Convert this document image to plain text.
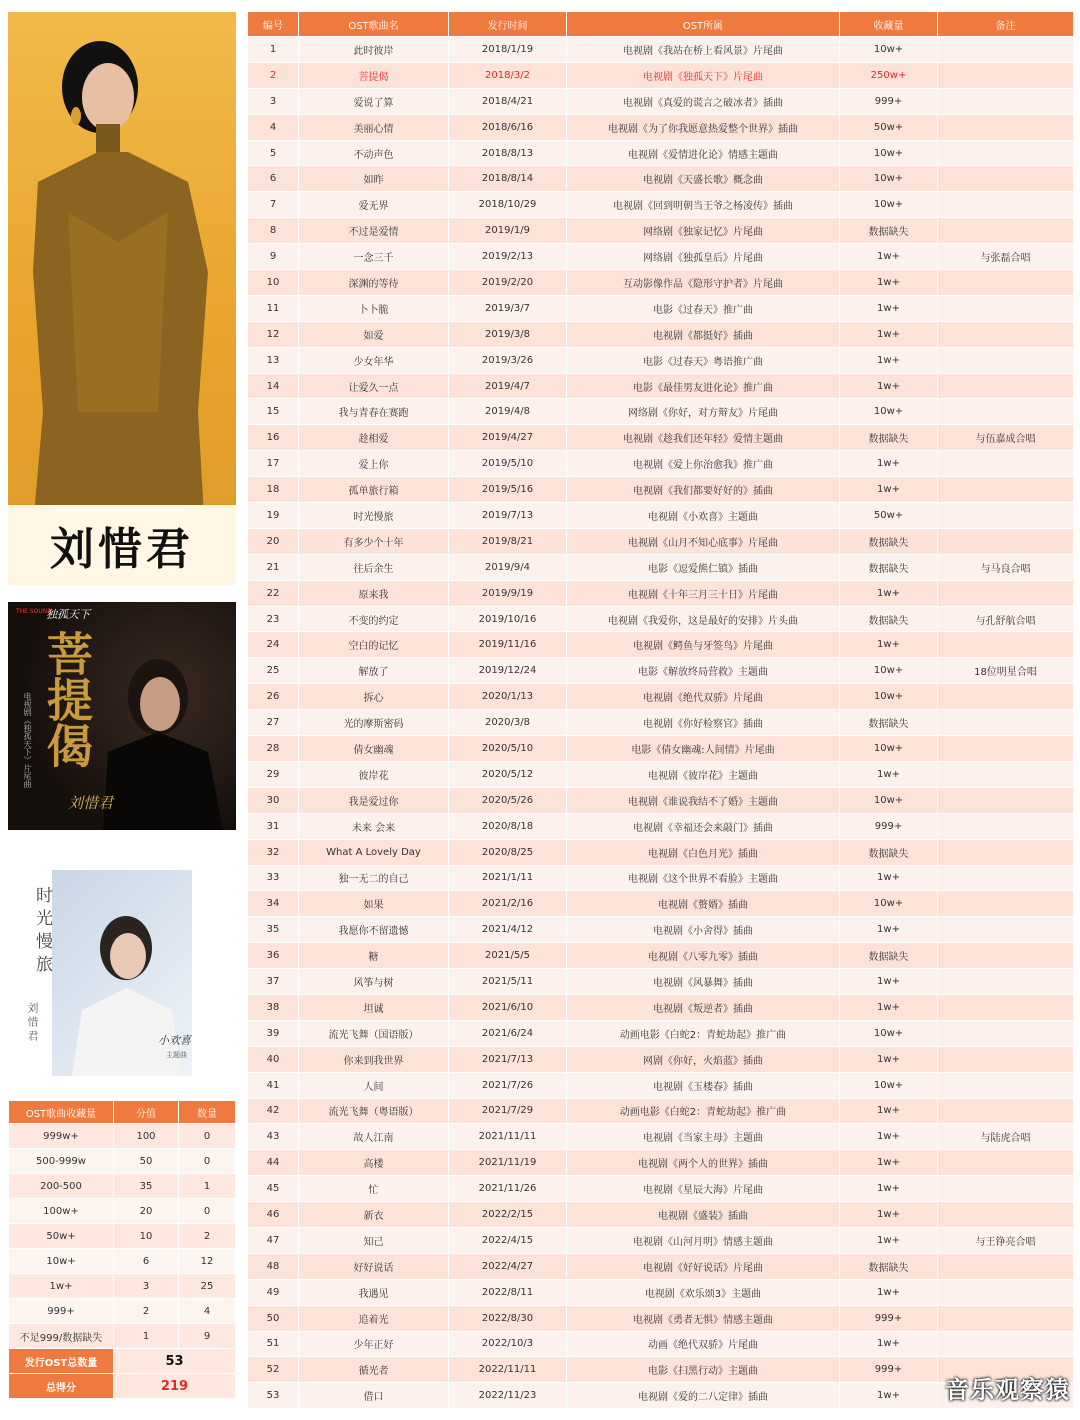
刘惜君
THE SOUND
独孤天下
菩提偈
电视剧《独孤天下》片尾曲
刘惜君
时光慢旅
刘惜君	小欢喜
主题曲
OST歌曲收藏量	分值	数量
999w+	100	0
500-999w	50	0
200-500	35	1
100w+	20	0
50w+	10	2
10w+	6	12
1w+	3	25
999+	2	4
不足999/数据缺失	1	9
发行OST总数量	53	
总得分	219	
编号	OST歌曲名	发行时间	OST所属	收藏量	备注
1	此时彼岸	2018/1/19	电视剧《我站在桥上看风景》片尾曲	10w+	
2	菩提偈	2018/3/2	电视剧《独孤天下》片尾曲	250w+	
3	爱说了算	2018/4/21	电视剧《真爱的谎言之破冰者》插曲	999+	
4	美丽心情	2018/6/16	电视剧《为了你我愿意热爱整个世界》插曲	50w+	
5	不动声色	2018/8/13	电视剧《爱情进化论》情感主题曲	10w+	
6	如昨	2018/8/14	电视剧《天盛长歌》概念曲	10w+	
7	爱无界	2018/10/29	电视剧《回到明朝当王爷之杨凌传》插曲	10w+	
8	不过是爱情	2019/1/9	网络剧《独家记忆》片尾曲	数据缺失	
9	一念三千	2019/2/13	网络剧《独孤皇后》片尾曲	1w+	与张磊合唱
10	深渊的等待	2019/2/20	互动影像作品《隐形守护者》片尾曲	1w+	
11	卜卜脆	2019/3/7	电影《过春天》推广曲	1w+	
12	如爱	2019/3/8	电视剧《都挺好》插曲	1w+	
13	少女年华	2019/3/26	电影《过春天》粤语推广曲	1w+	
14	让爱久一点	2019/4/7	电影《最佳男友进化论》推广曲	1w+	
15	我与青春在赛跑	2019/4/8	网络剧《你好，对方辩友》片尾曲	10w+	
16	趁相爱	2019/4/27	电视剧《趁我们还年轻》爱情主题曲	数据缺失	与伍嘉成合唱
17	爱上你	2019/5/10	电视剧《爱上你治愈我》推广曲	1w+	
18	孤单旅行箱	2019/5/16	电视剧《我们都要好好的》插曲	1w+	
19	时光慢旅	2019/7/13	电视剧《小欢喜》主题曲	50w+	
20	有多少个十年	2019/8/21	电视剧《山月不知心底事》片尾曲	数据缺失	
21	往后余生	2019/9/4	电影《逗爱熊仁镇》插曲	数据缺失	与马良合唱
22	原来我	2019/9/19	电视剧《十年三月三十日》片尾曲	1w+	
23	不变的约定	2019/10/16	电视剧《我爱你，这是最好的安排》片头曲	数据缺失	与孔舒航合唱
24	空白的记忆	2019/11/16	电视剧《鳄鱼与牙签鸟》片尾曲	1w+	
25	解放了	2019/12/24	电影《解放终局营救》主题曲	10w+	18位明星合唱
26	拆心	2020/1/13	电视剧《绝代双骄》片尾曲	10w+	
27	光的摩斯密码	2020/3/8	电视剧《你好检察官》插曲	数据缺失	
28	倩女幽魂	2020/5/10	电影《倩女幽魂:人间情》片尾曲	10w+	
29	彼岸花	2020/5/12	电视剧《彼岸花》主题曲	1w+	
30	我是爱过你	2020/5/26	电视剧《谁说我结不了婚》主题曲	10w+	
31	未来 会来	2020/8/18	电视剧《幸福还会来敲门》插曲	999+	
32	What A Lovely Day	2020/8/25	电视剧《白色月光》插曲	数据缺失	
33	独一无二的自己	2021/1/11	电视剧《这个世界不看脸》主题曲	1w+	
34	如果	2021/2/16	电视剧《赘婿》插曲	10w+	
35	我愿你不留遗憾	2021/4/12	电视剧《小舍得》插曲	1w+	
36	糖	2021/5/5	电视剧《八零九零》插曲	数据缺失	
37	风筝与树	2021/5/11	电视剧《风暴舞》插曲	1w+	
38	坦诚	2021/6/10	电视剧《叛逆者》插曲	1w+	
39	流光飞舞（国语版）	2021/6/24	动画电影《白蛇2：青蛇劫起》推广曲	10w+	
40	你来到我世界	2021/7/13	网剧《你好，火焰蓝》插曲	1w+	
41	人间	2021/7/26	电视剧《玉楼春》插曲	10w+	
42	流光飞舞（粤语版）	2021/7/29	动画电影《白蛇2：青蛇劫起》推广曲	1w+	
43	故人江南	2021/11/11	电视剧《当家主母》主题曲	1w+	与陆虎合唱
44	高楼	2021/11/19	电视剧《两个人的世界》插曲	1w+	
45	忙	2021/11/26	电视剧《星辰大海》片尾曲	1w+	
46	新衣	2022/2/15	电视剧《盛装》插曲	1w+	
47	知己	2022/4/15	电视剧《山河月明》情感主题曲	1w+	与王铮亮合唱
48	好好说话	2022/4/27	电视剧《好好说话》片尾曲	数据缺失	
49	我遇见	2022/8/11	电视剧《欢乐颂3》主题曲	1w+	
50	追着光	2022/8/30	电视剧《勇者无惧》情感主题曲	999+	
51	少年正好	2022/10/3	动画《绝代双骄》片尾曲	1w+	
52	循光者	2022/11/11	电影《扫黑行动》主题曲	999+	
53	借口	2022/11/23	电视剧《爱的二八定律》插曲	1w+	音乐观察猿
